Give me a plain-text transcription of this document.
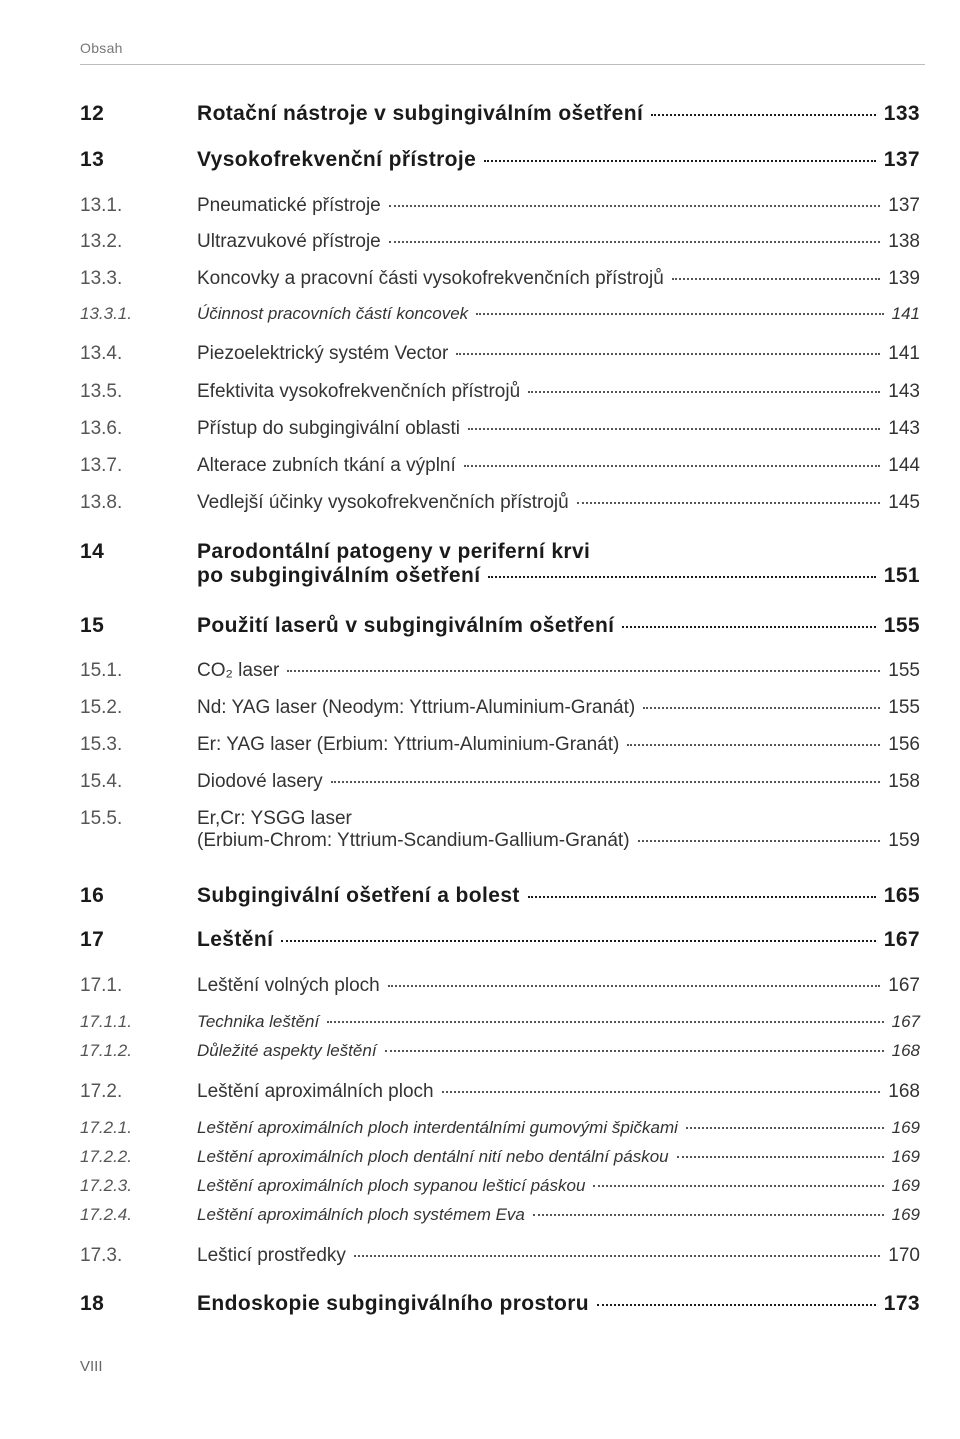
Obsah
12	Rotační nástroje v subgingiválním ošetření	133
13	Vysokofrekvenční přístroje	137
13.1.	Pneumatické přístroje	137
13.2.	Ultrazvukové přístroje	138
13.3.	Koncovky a pracovní části vysokofrekvenčních přístrojů	139
13.3.1.	Účinnost pracovních částí koncovek	141
13.4.	Piezoelektrický systém Vector	141
13.5.	Efektivita vysokofrekvenčních přístrojů	143
13.6.	Přístup do subgingivální oblasti	143
13.7.	Alterace zubních tkání a výplní	144
13.8.	Vedlejší účinky vysokofrekvenčních přístrojů	145
14	Parodontální patogeny v periferní krvi
po subgingiválním ošetření	151
15	Použití laserů v subgingiválním ošetření	155
15.1.	CO₂ laser	155
15.2.	Nd: YAG laser (Neodym: Yttrium-Aluminium-Granát)	155
15.3.	Er: YAG laser (Erbium: Yttrium-Aluminium-Granát)	156
15.4.	Diodové lasery	158
15.5.	Er,Cr: YSGG laser
(Erbium-Chrom: Yttrium-Scandium-Gallium-Granát)	159
16	Subgingivální ošetření a bolest	165
17	Leštění	167
17.1.	Leštění volných ploch	167
17.1.1.	Technika leštění	167
17.1.2.	Důležité aspekty leštění	168
17.2.	Leštění aproximálních ploch	168
17.2.1.	Leštění aproximálních ploch interdentálními gumovými špičkami	169
17.2.2.	Leštění aproximálních ploch dentální nití nebo dentální páskou	169
17.2.3.	Leštění aproximálních ploch sypanou lešticí páskou	169
17.2.4.	Leštění aproximálních ploch systémem Eva	169
17.3.	Lešticí prostředky	170
18	Endoskopie subgingiválního prostoru	173
VIII
